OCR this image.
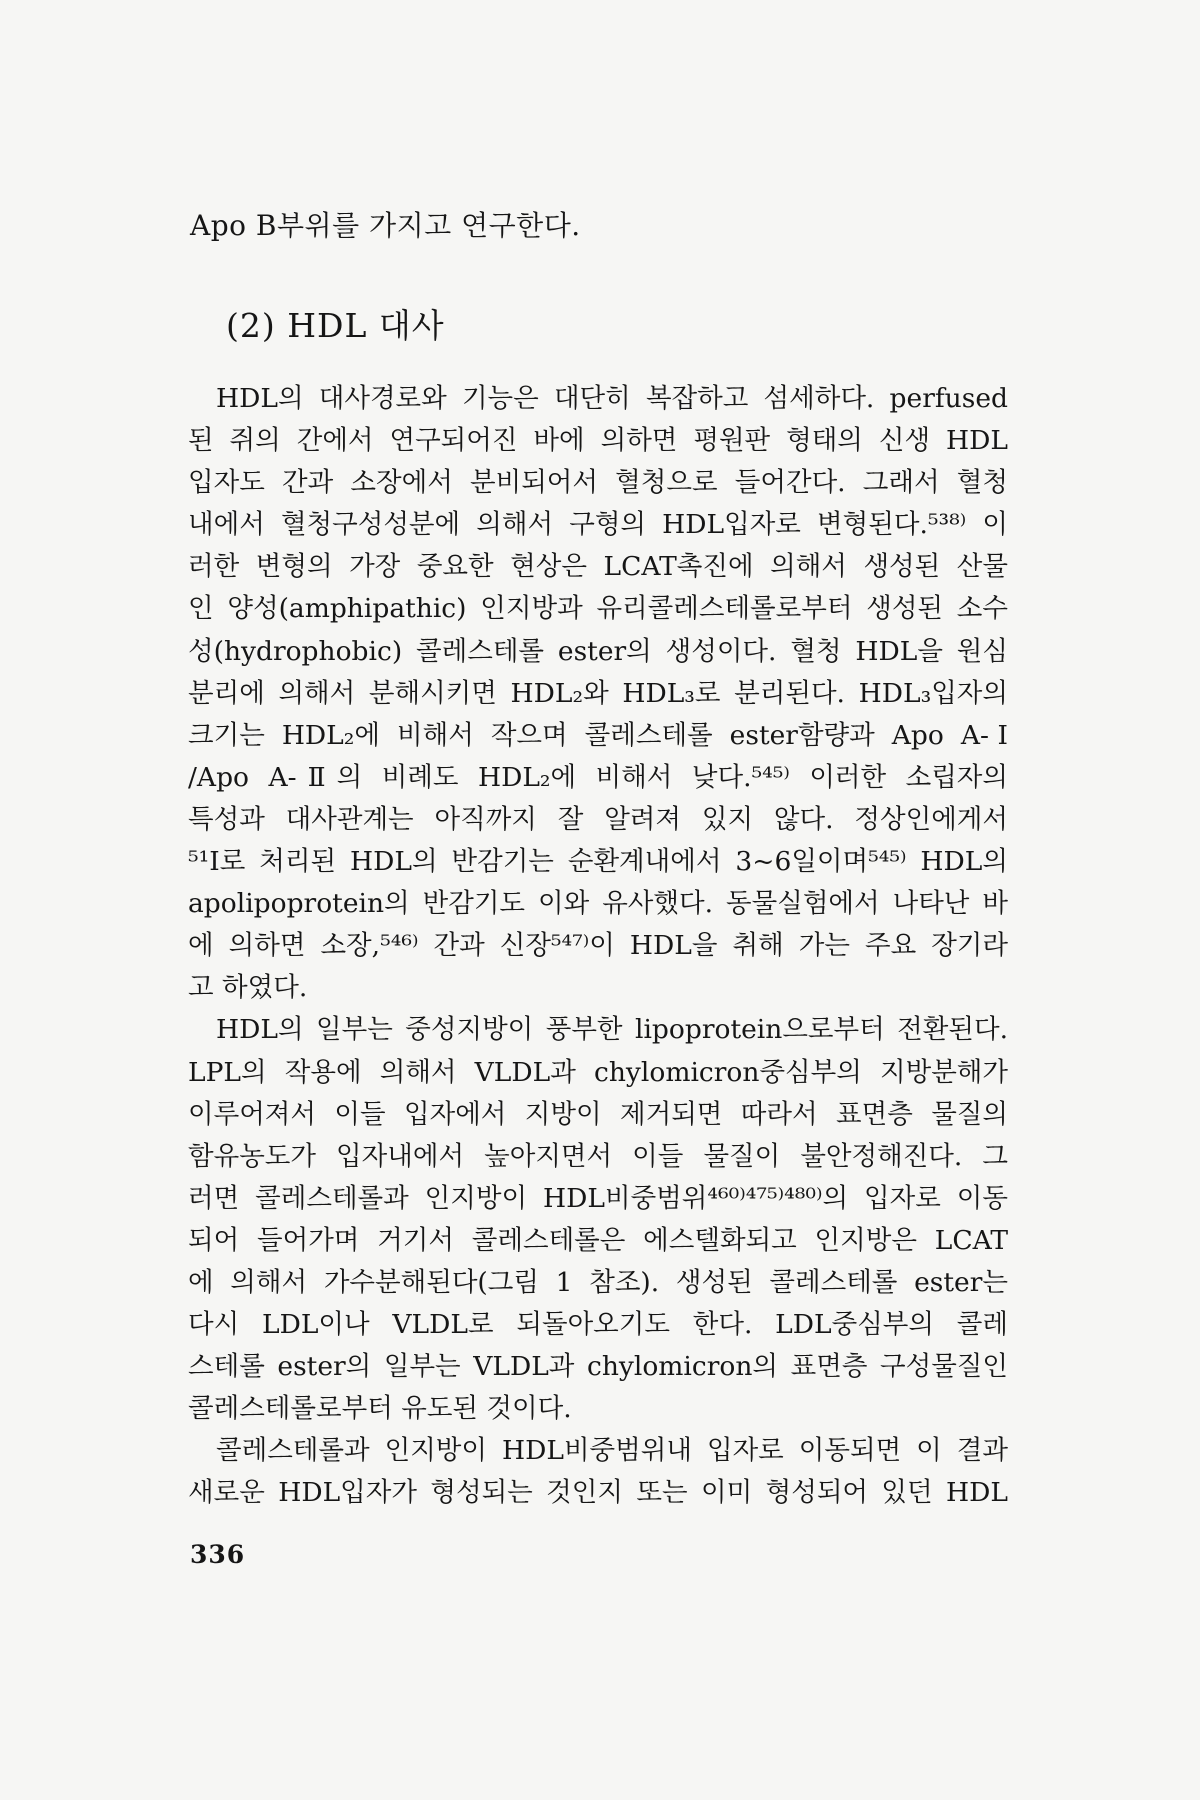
Apo B부위를 가지고 연구한다.
(2) HDL 대사
HDL의 대사경로와 기능은 대단히 복잡하고 섬세하다. perfused
된 쥐의 간에서 연구되어진 바에 의하면 평원판 형태의 신생 HDL
입자도 간과 소장에서 분비되어서 혈청으로 들어간다. 그래서 혈청
내에서 혈청구성성분에 의해서 구형의 HDL입자로 변형된다.⁵³⁸⁾ 이
러한 변형의 가장 중요한 현상은 LCAT촉진에 의해서 생성된 산물
인 양성(amphipathic) 인지방과 유리콜레스테롤로부터 생성된 소수
성(hydrophobic) 콜레스테롤 ester의 생성이다. 혈청 HDL을 원심
분리에 의해서 분해시키면 HDL₂와 HDL₃로 분리된다. HDL₃입자의
크기는 HDL₂에 비해서 작으며 콜레스테롤 ester함량과 Apo A-Ⅰ
/Apo A-Ⅱ의 비례도 HDL₂에 비해서 낮다.⁵⁴⁵⁾ 이러한 소립자의
특성과 대사관계는 아직까지 잘 알려져 있지 않다. 정상인에게서
⁵¹I로 처리된 HDL의 반감기는 순환계내에서 3~6일이며⁵⁴⁵⁾ HDL의
apolipoprotein의 반감기도 이와 유사했다. 동물실험에서 나타난 바
에 의하면 소장,⁵⁴⁶⁾ 간과 신장⁵⁴⁷⁾이 HDL을 취해 가는 주요 장기라
고 하였다.
HDL의 일부는 중성지방이 풍부한 lipoprotein으로부터 전환된다.
LPL의 작용에 의해서 VLDL과 chylomicron중심부의 지방분해가
이루어져서 이들 입자에서 지방이 제거되면 따라서 표면층 물질의
함유농도가 입자내에서 높아지면서 이들 물질이 불안정해진다. 그
러면 콜레스테롤과 인지방이 HDL비중범위⁴⁶⁰⁾⁴⁷⁵⁾⁴⁸⁰⁾의 입자로 이동
되어 들어가며 거기서 콜레스테롤은 에스텔화되고 인지방은 LCAT
에 의해서 가수분해된다(그림 1 참조). 생성된 콜레스테롤 ester는
다시 LDL이나 VLDL로 되돌아오기도 한다. LDL중심부의 콜레
스테롤 ester의 일부는 VLDL과 chylomicron의 표면층 구성물질인
콜레스테롤로부터 유도된 것이다.
콜레스테롤과 인지방이 HDL비중범위내 입자로 이동되면 이 결과
새로운 HDL입자가 형성되는 것인지 또는 이미 형성되어 있던 HDL
336
